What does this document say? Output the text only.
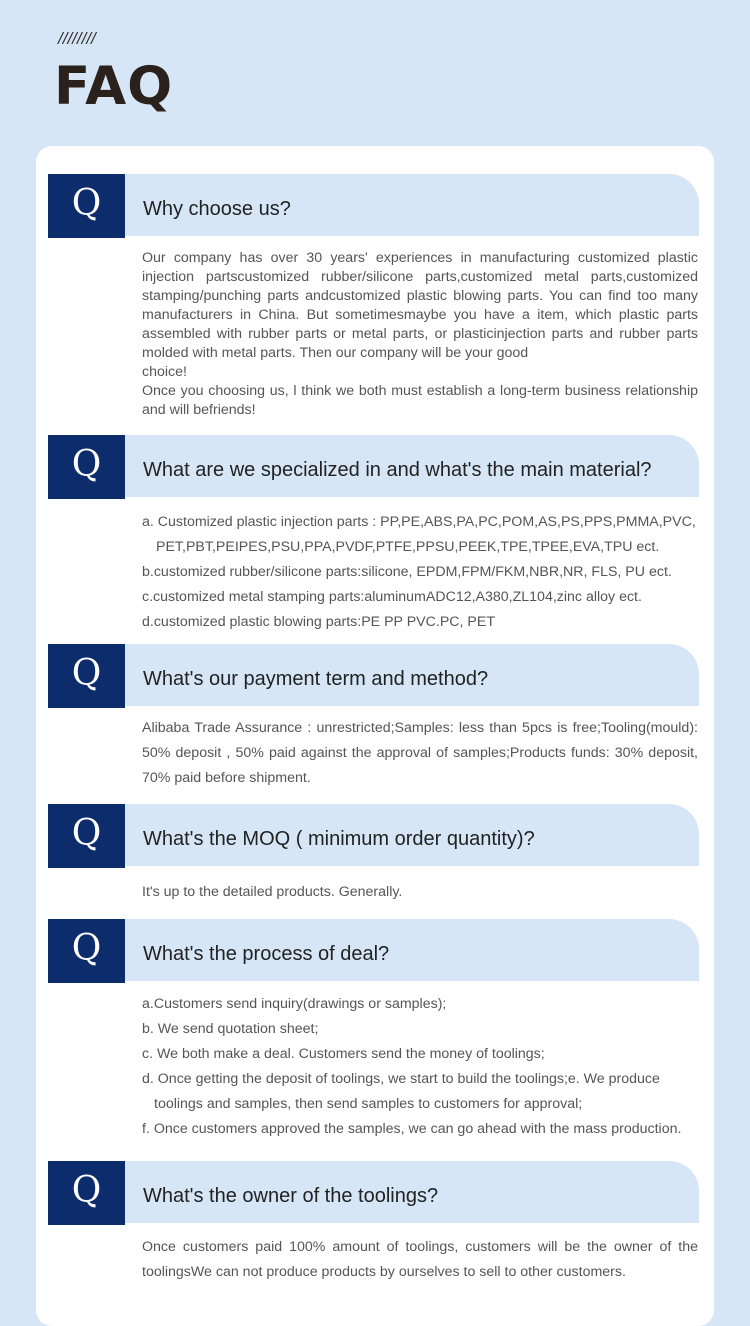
////////
FAQ
Q	Why choose us?

Our company has over 30 years' experiences in manufacturing customized plastic injection partscustomized rubber/silicone parts,customized metal parts,customized stamping/punching parts andcustomized plastic blowing parts. You can find too many manufacturers in China. But sometimesmaybe you have a item, which plastic parts assembled with rubber parts or metal parts, or plasticinjection parts and rubber parts molded with metal parts. Then our company will be your good

choice!

Once you choosing us, l think we both must establish a long-term business relationship and will befriends!

Q	What are we specialized in and what's the main material?

a. Customized plastic injection parts : PP,PE,ABS,PA,PC,POM,AS,PS,PPS,PMMA,PVC, PET,PBT,PEIPES,PSU,PPA,PVDF,PTFE,PPSU,PEEK,TPE,TPEE,EVA,TPU ect.

b.customized rubber/silicone parts:silicone, EPDM,FPM/FKM,NBR,NR, FLS, PU ect.

c.customized metal stamping parts:aluminumADC12,A380,ZL104,zinc alloy ect.

d.customized plastic blowing parts:PE PP PVC.PC, PET

Q	What's our payment term and method?

Alibaba Trade Assurance : unrestricted;Samples: less than 5pcs is free;Tooling(mould): 50% deposit , 50% paid against the approval of samples;Products funds: 30% deposit, 70% paid before shipment.

Q	What's the MOQ ( minimum order quantity)?

It's up to the detailed products. Generally.

Q	What's the process of deal?

a.Customers send inquiry(drawings or samples);

b. We send quotation sheet;

c. We both make a deal. Customers send the money of toolings;

d. Once getting the deposit of toolings, we start to build the toolings;e. We produce toolings and samples, then send samples to customers for approval;

f. Once customers approved the samples, we can go ahead with the mass production.

Q	What's the owner of the toolings?

Once customers paid 100% amount of toolings, customers will be the owner of the toolingsWe can not produce products by ourselves to sell to other customers.
